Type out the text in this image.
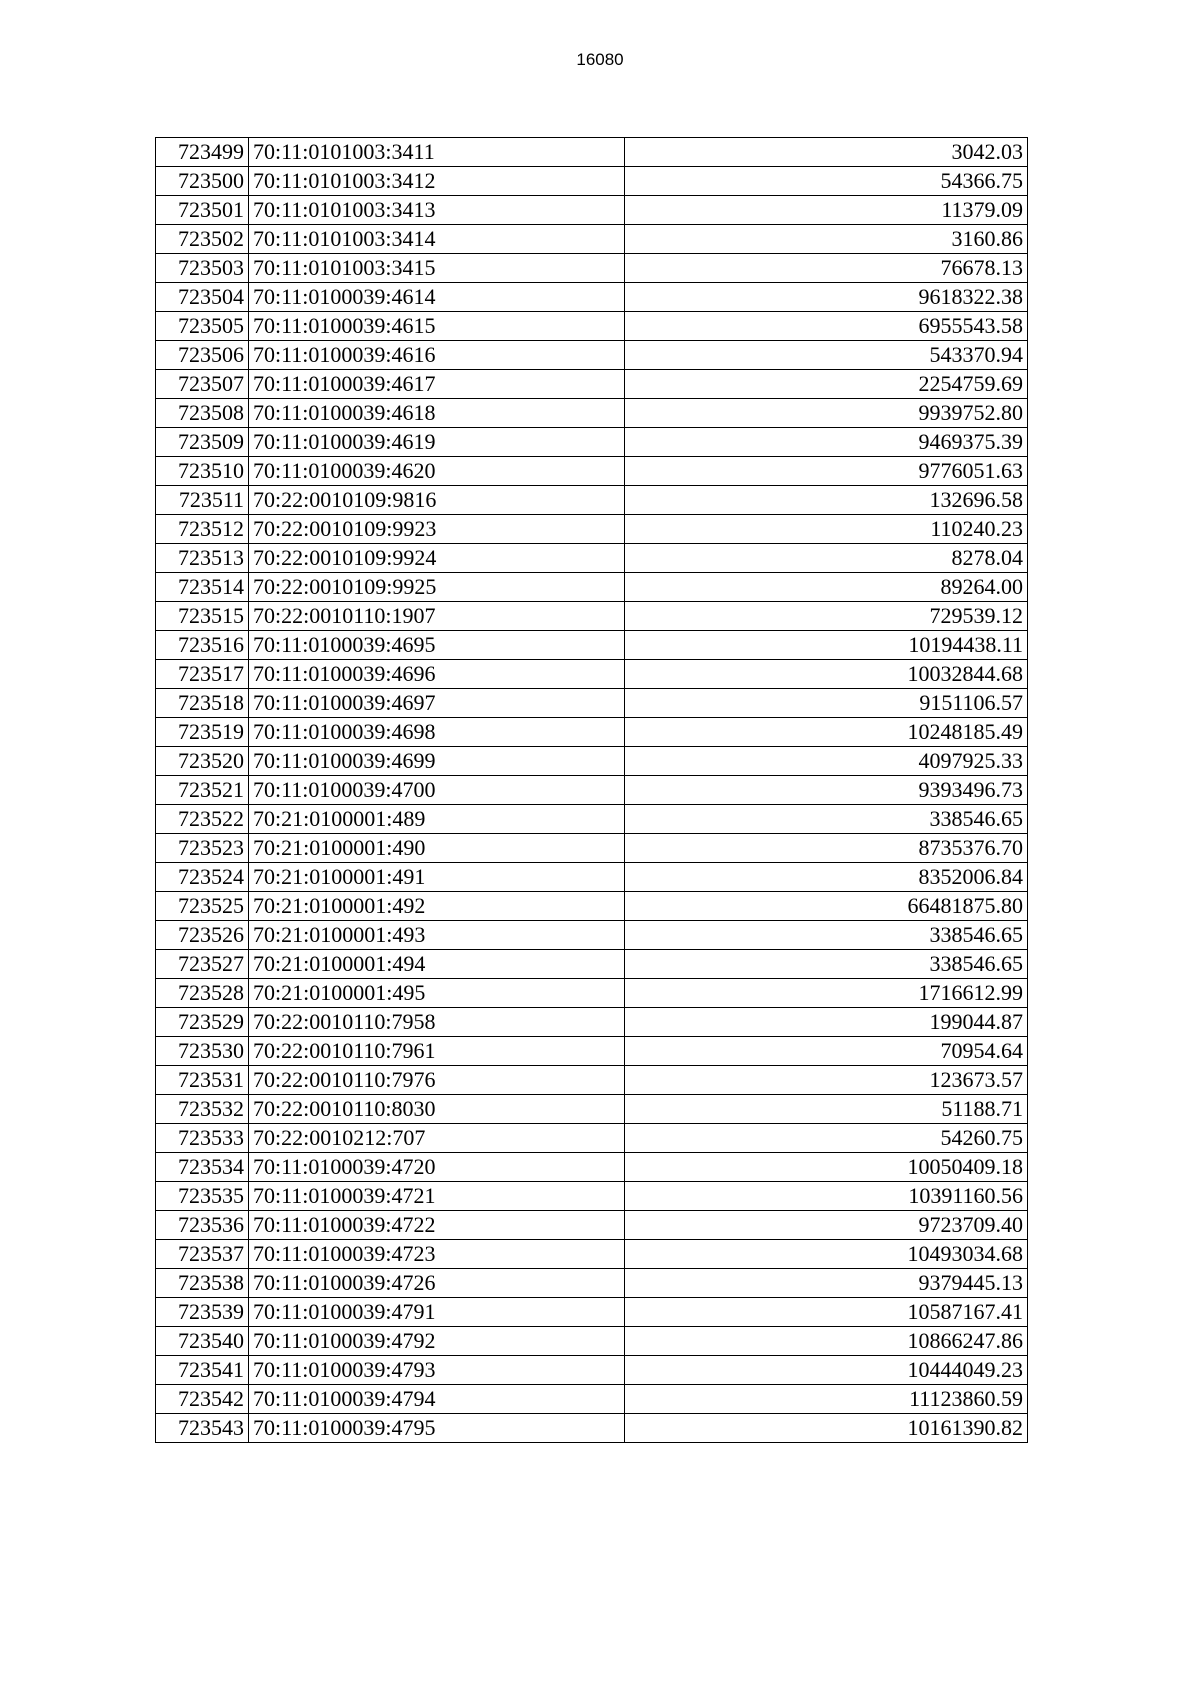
16080
723499	70:11:0101003:3411	3042.03
723500	70:11:0101003:3412	54366.75
723501	70:11:0101003:3413	11379.09
723502	70:11:0101003:3414	3160.86
723503	70:11:0101003:3415	76678.13
723504	70:11:0100039:4614	9618322.38
723505	70:11:0100039:4615	6955543.58
723506	70:11:0100039:4616	543370.94
723507	70:11:0100039:4617	2254759.69
723508	70:11:0100039:4618	9939752.80
723509	70:11:0100039:4619	9469375.39
723510	70:11:0100039:4620	9776051.63
723511	70:22:0010109:9816	132696.58
723512	70:22:0010109:9923	110240.23
723513	70:22:0010109:9924	8278.04
723514	70:22:0010109:9925	89264.00
723515	70:22:0010110:1907	729539.12
723516	70:11:0100039:4695	10194438.11
723517	70:11:0100039:4696	10032844.68
723518	70:11:0100039:4697	9151106.57
723519	70:11:0100039:4698	10248185.49
723520	70:11:0100039:4699	4097925.33
723521	70:11:0100039:4700	9393496.73
723522	70:21:0100001:489	338546.65
723523	70:21:0100001:490	8735376.70
723524	70:21:0100001:491	8352006.84
723525	70:21:0100001:492	66481875.80
723526	70:21:0100001:493	338546.65
723527	70:21:0100001:494	338546.65
723528	70:21:0100001:495	1716612.99
723529	70:22:0010110:7958	199044.87
723530	70:22:0010110:7961	70954.64
723531	70:22:0010110:7976	123673.57
723532	70:22:0010110:8030	51188.71
723533	70:22:0010212:707	54260.75
723534	70:11:0100039:4720	10050409.18
723535	70:11:0100039:4721	10391160.56
723536	70:11:0100039:4722	9723709.40
723537	70:11:0100039:4723	10493034.68
723538	70:11:0100039:4726	9379445.13
723539	70:11:0100039:4791	10587167.41
723540	70:11:0100039:4792	10866247.86
723541	70:11:0100039:4793	10444049.23
723542	70:11:0100039:4794	11123860.59
723543	70:11:0100039:4795	10161390.82
